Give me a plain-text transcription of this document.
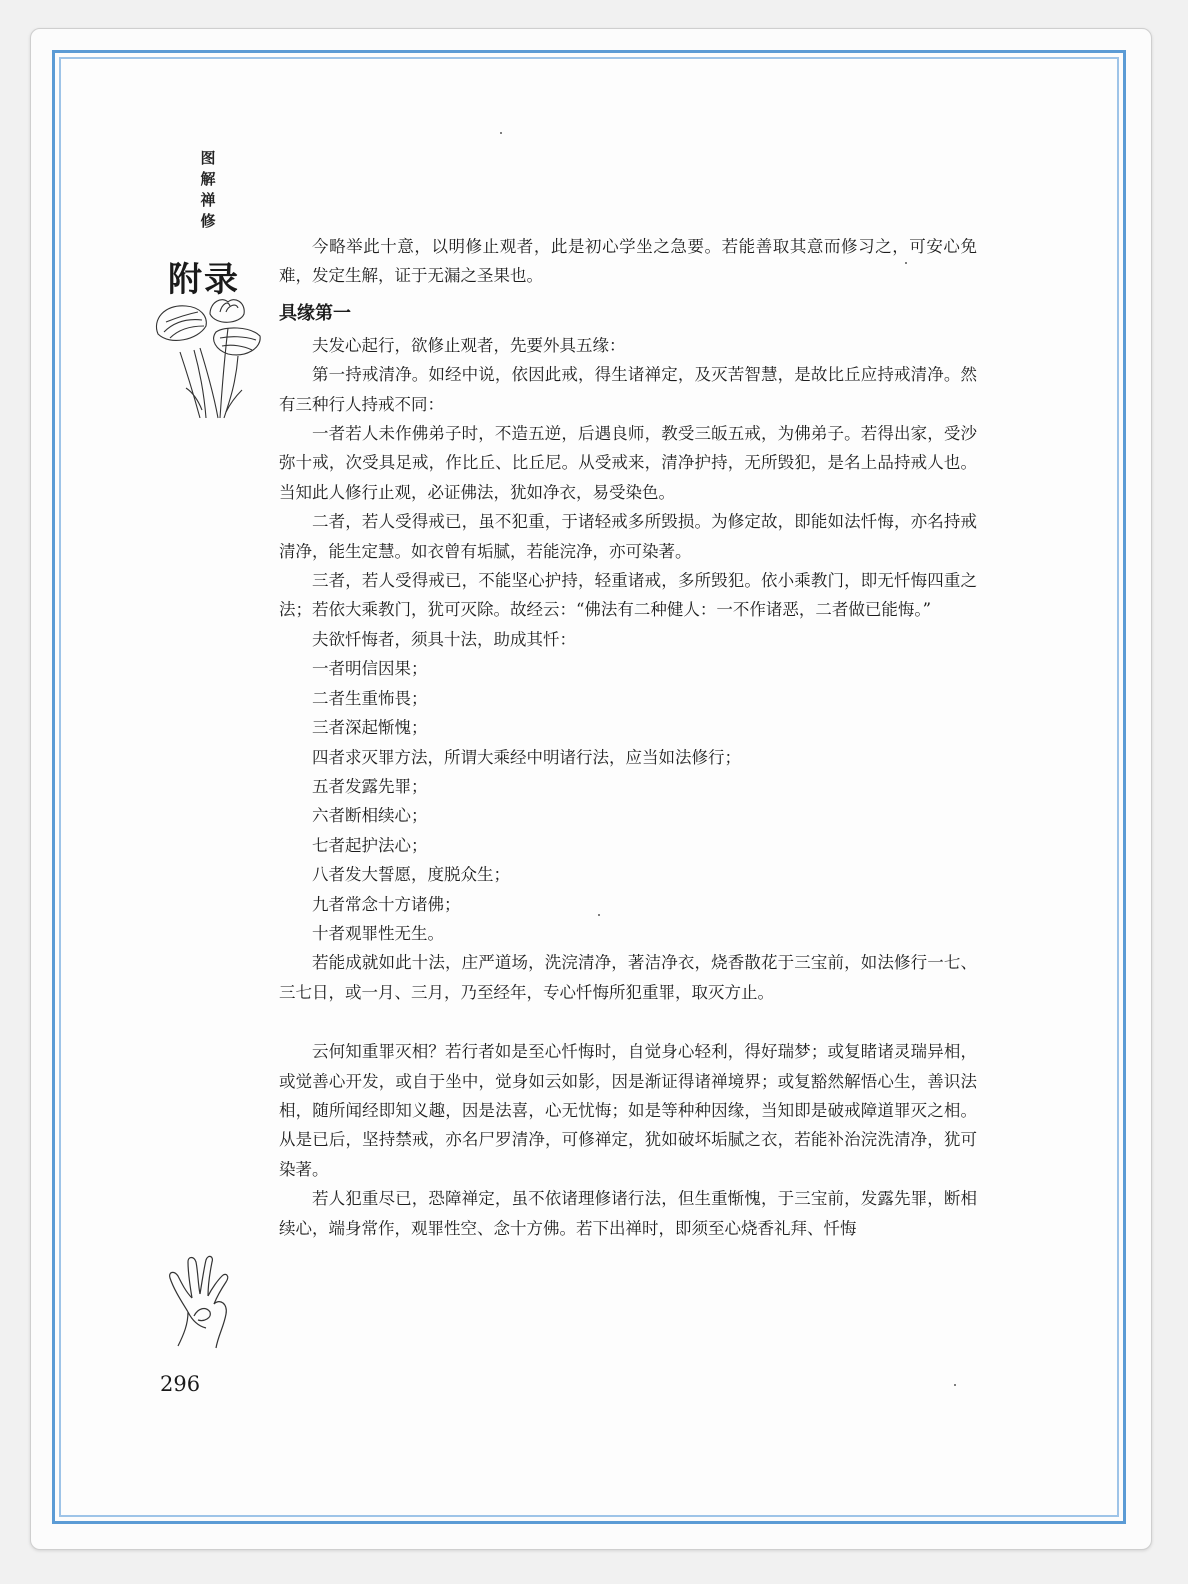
图
解
禅
修
附录

今略举此十意，以明修止观者，此是初心学坐之急要。若能善取其意而修习之，可安心免难，发定生解，证于无漏之圣果也。

具缘第一

夫发心起行，欲修止观者，先要外具五缘：

第一持戒清净。如经中说，依因此戒，得生诸禅定，及灭苦智慧，是故比丘应持戒清净。然有三种行人持戒不同：

一者若人未作佛弟子时，不造五逆，后遇良师，教受三皈五戒，为佛弟子。若得出家，受沙弥十戒，次受具足戒，作比丘、比丘尼。从受戒来，清净护持，无所毁犯，是名上品持戒人也。当知此人修行止观，必证佛法，犹如净衣，易受染色。

二者，若人受得戒已，虽不犯重，于诸轻戒多所毁损。为修定故，即能如法忏悔，亦名持戒清净，能生定慧。如衣曾有垢腻，若能浣净，亦可染著。

三者，若人受得戒已，不能坚心护持，轻重诸戒，多所毁犯。依小乘教门，即无忏悔四重之法；若依大乘教门，犹可灭除。故经云：“佛法有二种健人：一不作诸恶，二者做已能悔。”

夫欲忏悔者，须具十法，助成其忏：

一者明信因果；

二者生重怖畏；

三者深起惭愧；

四者求灭罪方法，所谓大乘经中明诸行法，应当如法修行；

五者发露先罪；

六者断相续心；

七者起护法心；

八者发大誓愿，度脱众生；

九者常念十方诸佛；

十者观罪性无生。

若能成就如此十法，庄严道场，洗浣清净，著洁净衣，烧香散花于三宝前，如法修行一七、三七日，或一月、三月，乃至经年，专心忏悔所犯重罪，取灭方止。

云何知重罪灭相？若行者如是至心忏悔时，自觉身心轻利，得好瑞梦；或复睹诸灵瑞异相，或觉善心开发，或自于坐中，觉身如云如影，因是渐证得诸禅境界；或复豁然解悟心生，善识法相，随所闻经即知义趣，因是法喜，心无忧悔；如是等种种因缘，当知即是破戒障道罪灭之相。从是已后，坚持禁戒，亦名尸罗清净，可修禅定，犹如破坏垢腻之衣，若能补治浣洗清净，犹可染著。

若人犯重尽已，恐障禅定，虽不依诸理修诸行法，但生重惭愧，于三宝前，发露先罪，断相续心，端身常作，观罪性空、念十方佛。若下出禅时，即须至心烧香礼拜、忏悔

296
